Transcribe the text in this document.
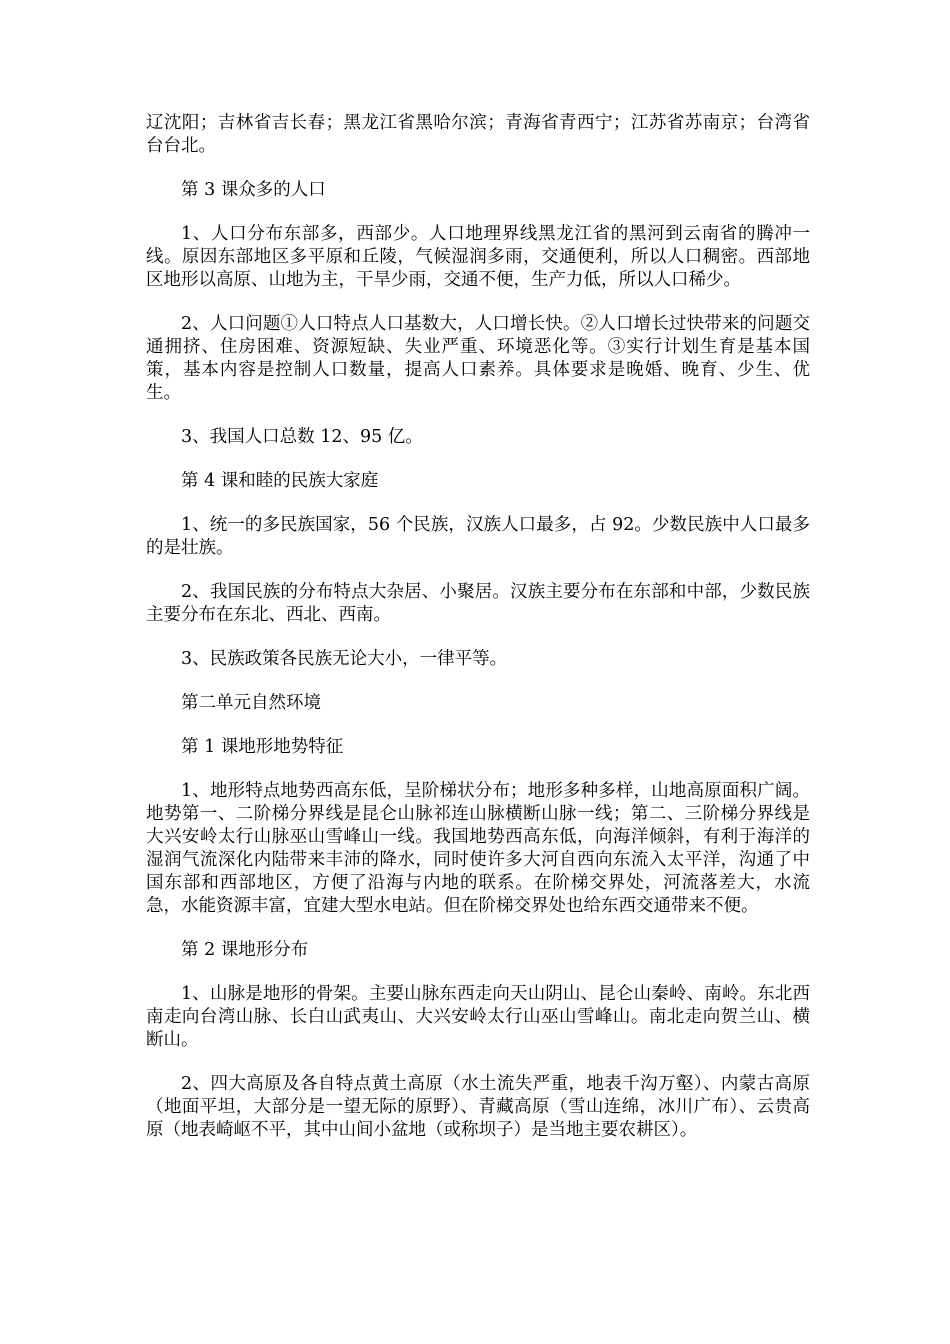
辽沈阳；吉林省吉长春；黑龙江省黑哈尔滨；青海省青西宁；江苏省苏南京；台湾省台台北。

第 3 课众多的人口

1、人口分布东部多，西部少。人口地理界线黑龙江省的黑河到云南省的腾冲一线。原因东部地区多平原和丘陵，气候湿润多雨，交通便利，所以人口稠密。西部地区地形以高原、山地为主，干旱少雨，交通不便，生产力低，所以人口稀少。

2、人口问题①人口特点人口基数大，人口增长快。②人口增长过快带来的问题交通拥挤、住房困难、资源短缺、失业严重、环境恶化等。③实行计划生育是基本国策，基本内容是控制人口数量，提高人口素养。具体要求是晚婚、晚育、少生、优生。

3、我国人口总数 12、95 亿。

第 4 课和睦的民族大家庭

1、统一的多民族国家，56 个民族，汉族人口最多，占 92。少数民族中人口最多的是壮族。

2、我国民族的分布特点大杂居、小聚居。汉族主要分布在东部和中部，少数民族主要分布在东北、西北、西南。

3、民族政策各民族无论大小，一律平等。

第二单元自然环境

第 1 课地形地势特征

1、地形特点地势西高东低，呈阶梯状分布；地形多种多样，山地高原面积广阔。地势第一、二阶梯分界线是昆仑山脉祁连山脉横断山脉一线；第二、三阶梯分界线是大兴安岭太行山脉巫山雪峰山一线。我国地势西高东低，向海洋倾斜，有利于海洋的湿润气流深化内陆带来丰沛的降水，同时使许多大河自西向东流入太平洋，沟通了中国东部和西部地区，方便了沿海与内地的联系。在阶梯交界处，河流落差大，水流急，水能资源丰富，宜建大型水电站。但在阶梯交界处也给东西交通带来不便。

第 2 课地形分布

1、山脉是地形的骨架。主要山脉东西走向天山阴山、昆仑山秦岭、南岭。东北西南走向台湾山脉、长白山武夷山、大兴安岭太行山巫山雪峰山。南北走向贺兰山、横断山。

2、四大高原及各自特点黄土高原（水土流失严重，地表千沟万壑）、内蒙古高原（地面平坦，大部分是一望无际的原野）、青藏高原（雪山连绵，冰川广布）、云贵高原（地表崎岖不平，其中山间小盆地（或称坝子）是当地主要农耕区）。
